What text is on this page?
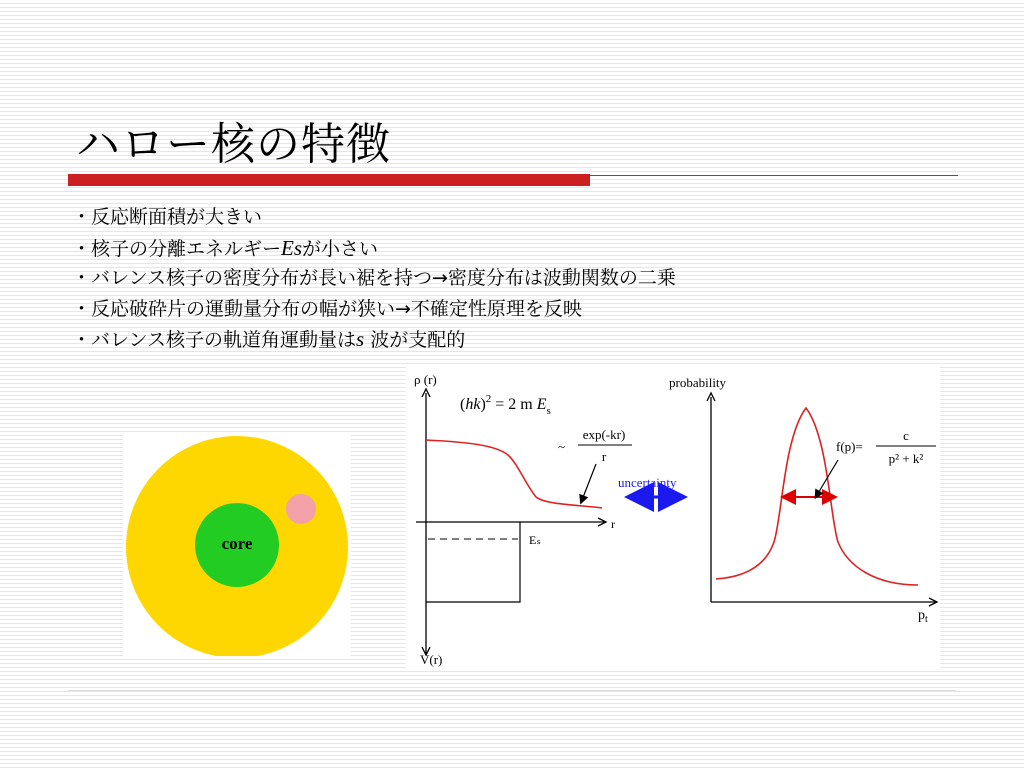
ハロー核の特徴
・反応断面積が大きい
・核子の分離エネルギーEsが小さい
・バレンス核子の密度分布が長い裾を持つ→密度分布は波動関数の二乗
・反応破砕片の運動量分布の幅が狭い→不確定性原理を反映
・バレンス核子の軌道角運動量はs 波が支配的
core
ρ (r)
(hk)$^2$ = 2 m $E_s$
~
exp(-kr)
r
r
Eₛ
V(r)
uncertainty
probability
f(p)=
c
p² + k²
$p_t$
